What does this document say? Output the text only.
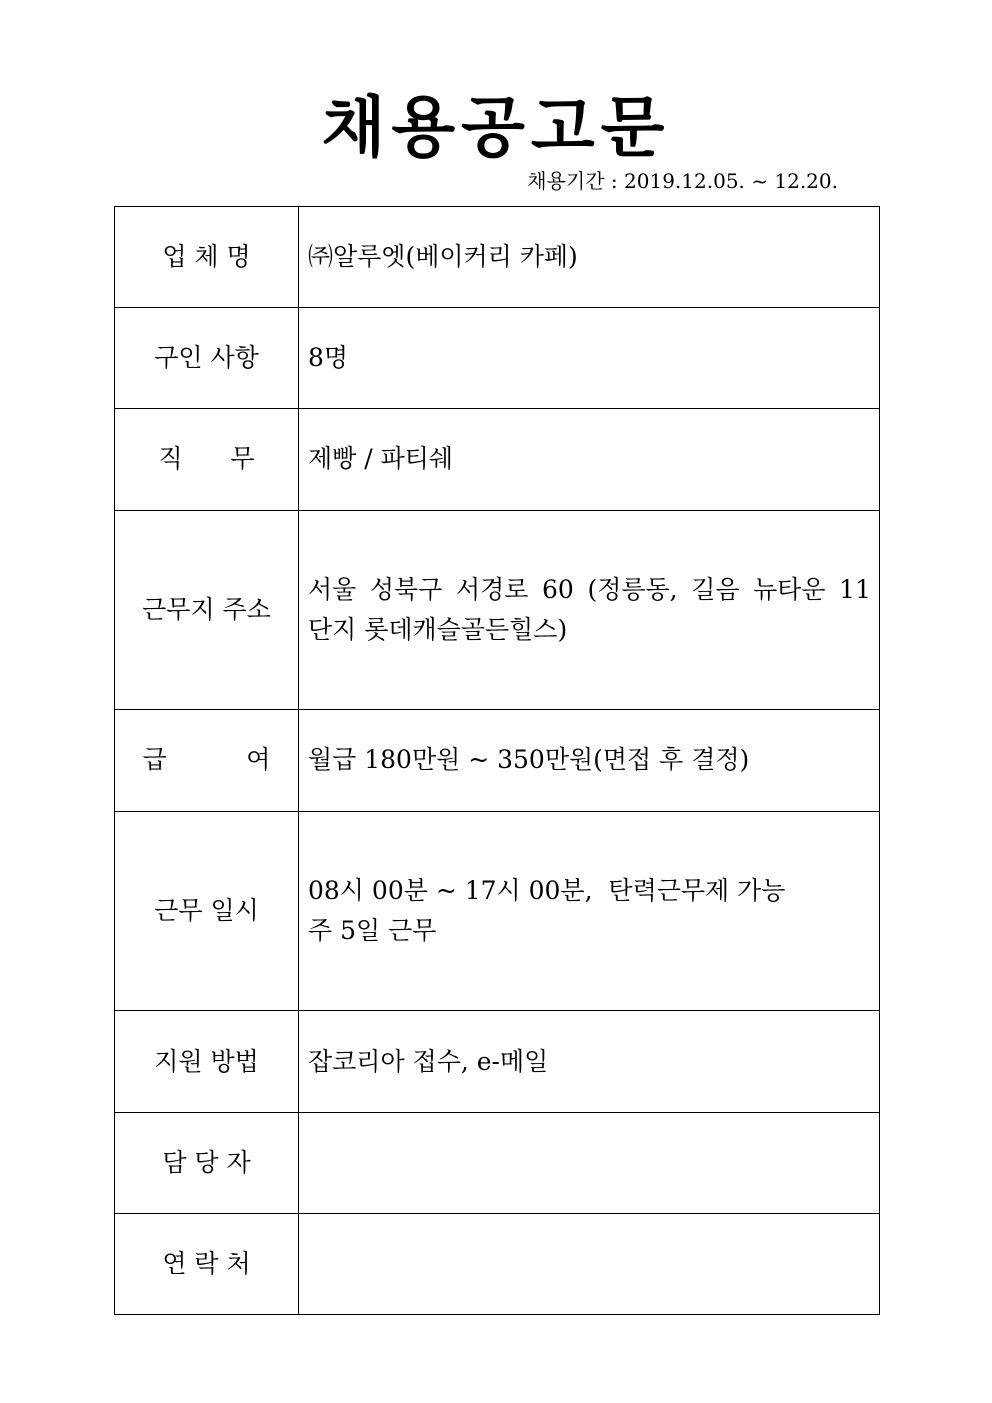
채용공고문
채용기간 : 2019.12.05. ~ 12.20.
업 체 명	㈜알루엣(베이커리 카페)

구인 사항	8명

직      무	제빵 / 파티쉐

근무지 주소	서울 성북구 서경로 60 (정릉동, 길음 뉴타운 11
단지 롯데캐슬골든힐스)

급          여	월급 180만원 ~ 350만원(면접 후 결정)

근무 일시	08시 00분 ~ 17시 00분,  탄력근무제 가능
주 5일 근무

지원 방법	잡코리아 접수, e-메일

담 당 자	
연 락 처	
